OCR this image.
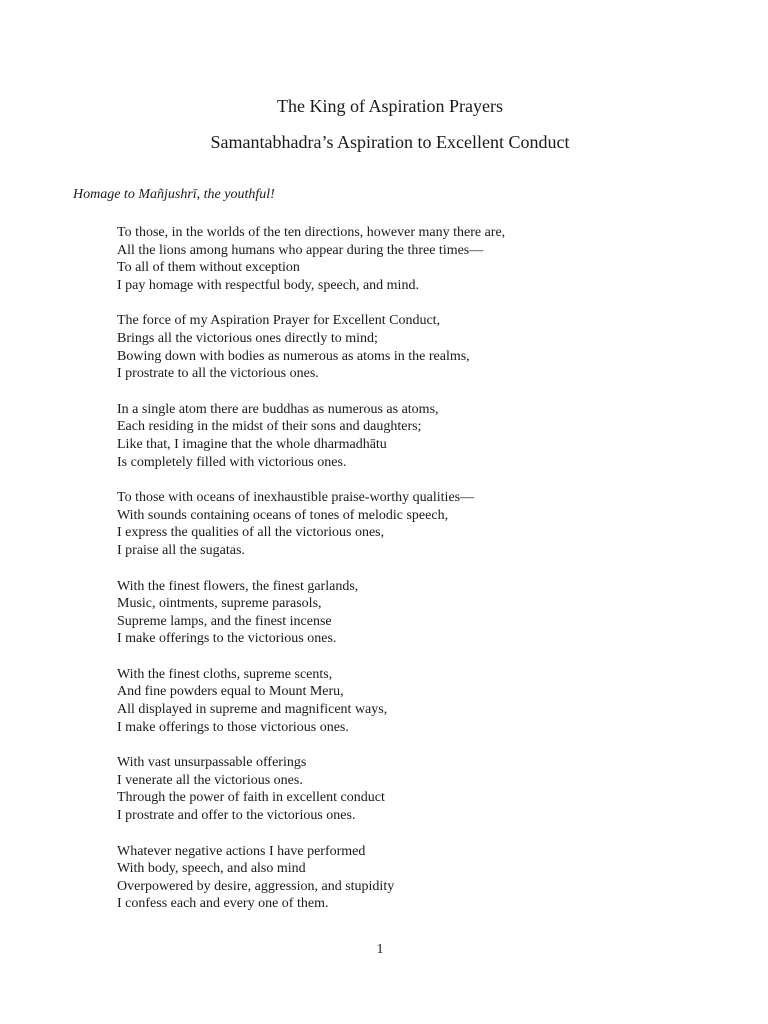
The King of Aspiration Prayers
Samantabhadra’s Aspiration to Excellent Conduct

Homage to Mañjushrī, the youthful!

To those, in the worlds of the ten directions, however many there are,
All the lions among humans who appear during the three times—
To all of them without exception
I pay homage with respectful body, speech, and mind.
The force of my Aspiration Prayer for Excellent Conduct,
Brings all the victorious ones directly to mind;
Bowing down with bodies as numerous as atoms in the realms,
I prostrate to all the victorious ones.
In a single atom there are buddhas as numerous as atoms,
Each residing in the midst of their sons and daughters;
Like that, I imagine that the whole dharmadhātu
Is completely filled with victorious ones.
To those with oceans of inexhaustible praise-worthy qualities—
With sounds containing oceans of tones of melodic speech,
I express the qualities of all the victorious ones,
I praise all the sugatas.
With the finest flowers, the finest garlands,
Music, ointments, supreme parasols,
Supreme lamps, and the finest incense
I make offerings to the victorious ones.
With the finest cloths, supreme scents,
And fine powders equal to Mount Meru,
All displayed in supreme and magnificent ways,
I make offerings to those victorious ones.
With vast unsurpassable offerings
I venerate all the victorious ones.
Through the power of faith in excellent conduct
I prostrate and offer to the victorious ones.
Whatever negative actions I have performed
With body, speech, and also mind
Overpowered by desire, aggression, and stupidity
I confess each and every one of them.
1
